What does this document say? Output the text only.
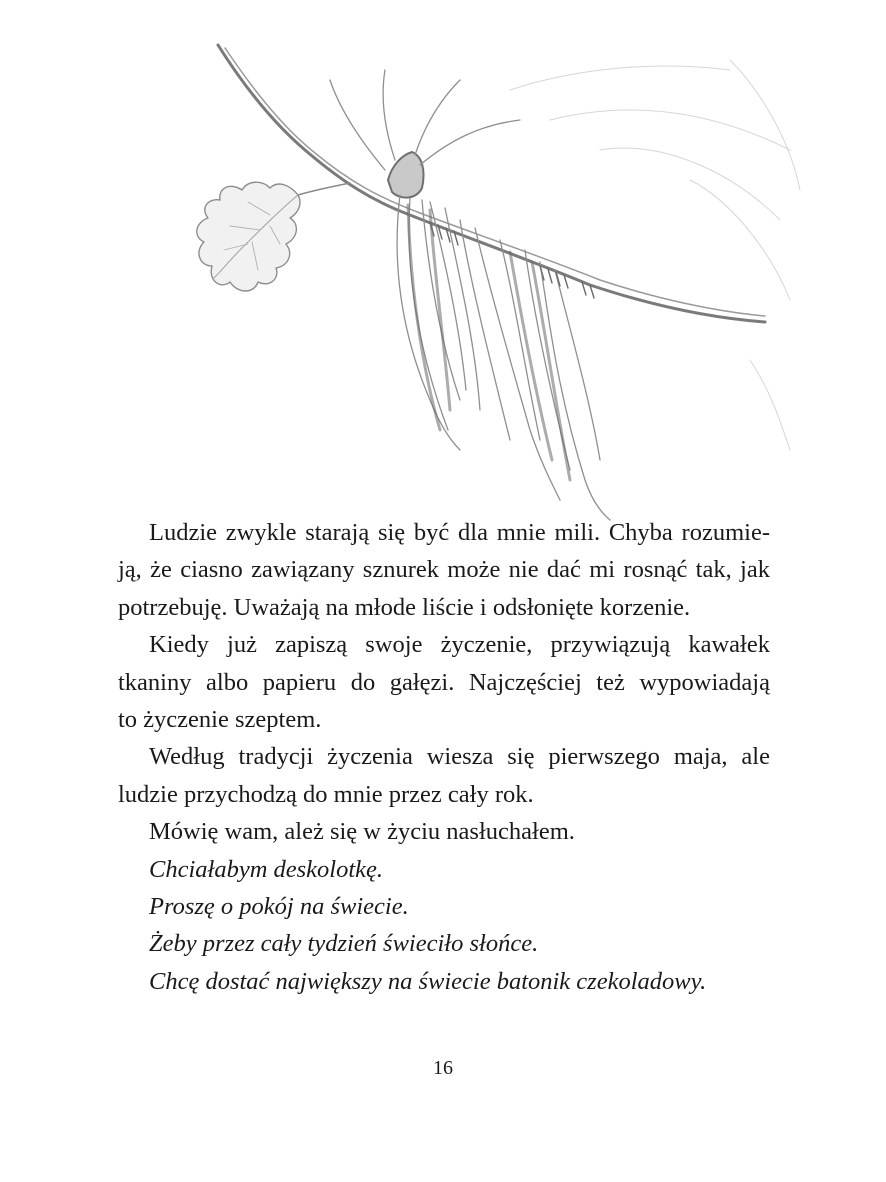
Ludzie zwykle starają się być dla mnie mili. Chyba rozumie-
ją, że ciasno zawiązany sznurek może nie dać mi rosnąć tak, jak
potrzebuję. Uważają na młode liście i odsłonięte korzenie.

Kiedy już zapiszą swoje życzenie, przywiązują kawałek
tkaniny albo papieru do gałęzi. Najczęściej też wypowiadają
to życzenie szeptem.

Według tradycji życzenia wiesza się pierwszego maja, ale
ludzie przychodzą do mnie przez cały rok.

Mówię wam, ależ się w życiu nasłuchałem.

Chciałabym deskolotkę.

Proszę o pokój na świecie.

Żeby przez cały tydzień świeciło słońce.

Chcę dostać największy na świecie batonik czekoladowy.

16
